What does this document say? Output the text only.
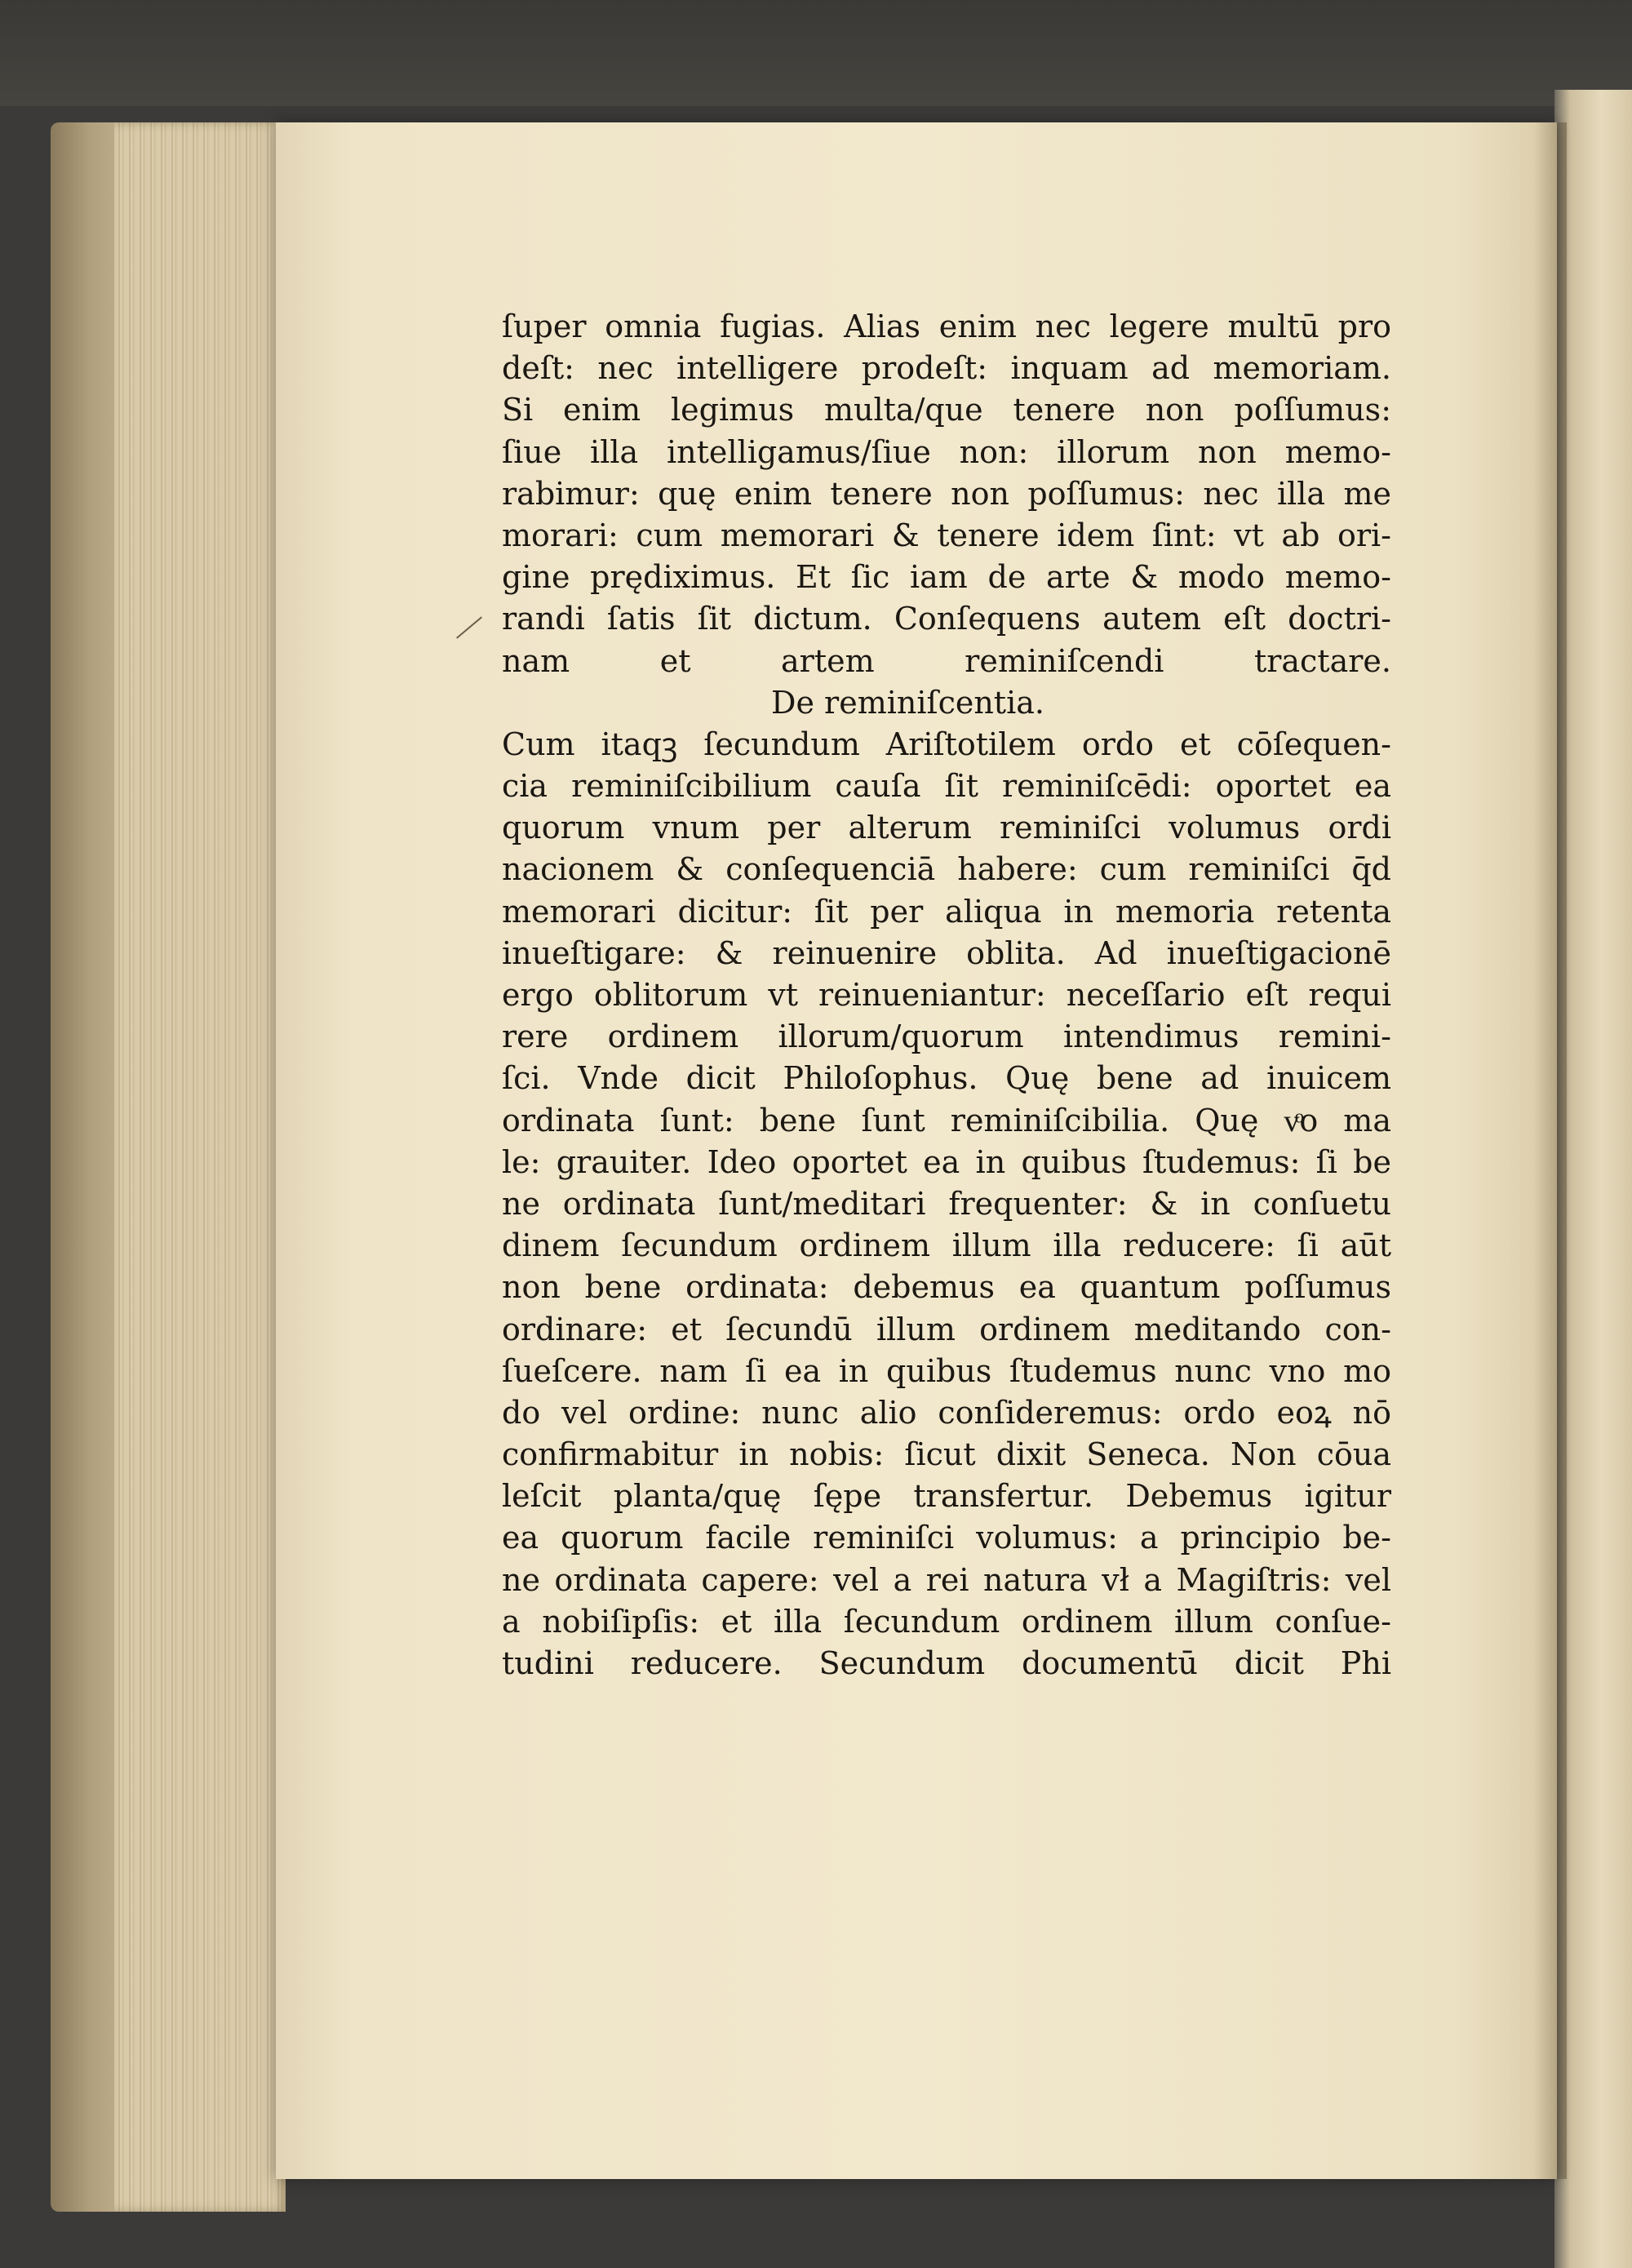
ſuper omnia fugias. Alias enim nec legere multū pro
deſt: nec intelligere prodeſt: inquam ad memoriam.
Si enim legimus multa/que tenere non poſſumus:
ſiue illa intelligamus/ſiue non: illorum non memo-
rabimur: quę enim tenere non poſſumus: nec illa me
morari: cum memorari & tenere idem ſint: vt ab ori-
gine prędiximus. Et ſic iam de arte & modo memo-
randi ſatis ſit dictum. Conſequens autem eſt doctri-
nam et artem reminiſcendi tractare.
De reminiſcentia.
Cum itaqꝫ ſecundum Ariſtotilem ordo et cōſequen-
cia reminiſcibilium cauſa ſit reminiſcēdi: oportet ea
quorum vnum per alterum reminiſci volumus ordi
nacionem & conſequenciā habere: cum reminiſci q̄d
memorari dicitur: ſit per aliqua in memoria retenta
inueſtigare: & reinuenire oblita. Ad inueſtigacionē
ergo oblitorum vt reinueniantur: neceſſario eſt requi
rere ordinem illorum/quorum intendimus remini-
ſci. Vnde dicit Philoſophus. Quę bene ad inuicem
ordinata ſunt: bene ſunt reminiſcibilia. Quę vͦo ma
le: grauiter. Ideo oportet ea in quibus ſtudemus: ſi be
ne ordinata ſunt/meditari frequenter: & in conſuetu
dinem ſecundum ordinem illum illa reducere: ſi aūt
non bene ordinata: debemus ea quantum poſſumus
ordinare: et ſecundū illum ordinem meditando con-
ſueſcere. nam ſi ea in quibus ſtudemus nunc vno mo
do vel ordine: nunc alio conſideremus: ordo eoꝝ nō
confirmabitur in nobis: ſicut dixit Seneca. Non cōua
leſcit planta/quę ſępe transfertur. Debemus igitur
ea quorum facile reminiſci volumus: a principio be-
ne ordinata capere: vel a rei natura vł a Magiſtris: vel
a nobiſipſis: et illa ſecundum ordinem illum conſue-
tudini reducere. Secundum documentū dicit Phi
